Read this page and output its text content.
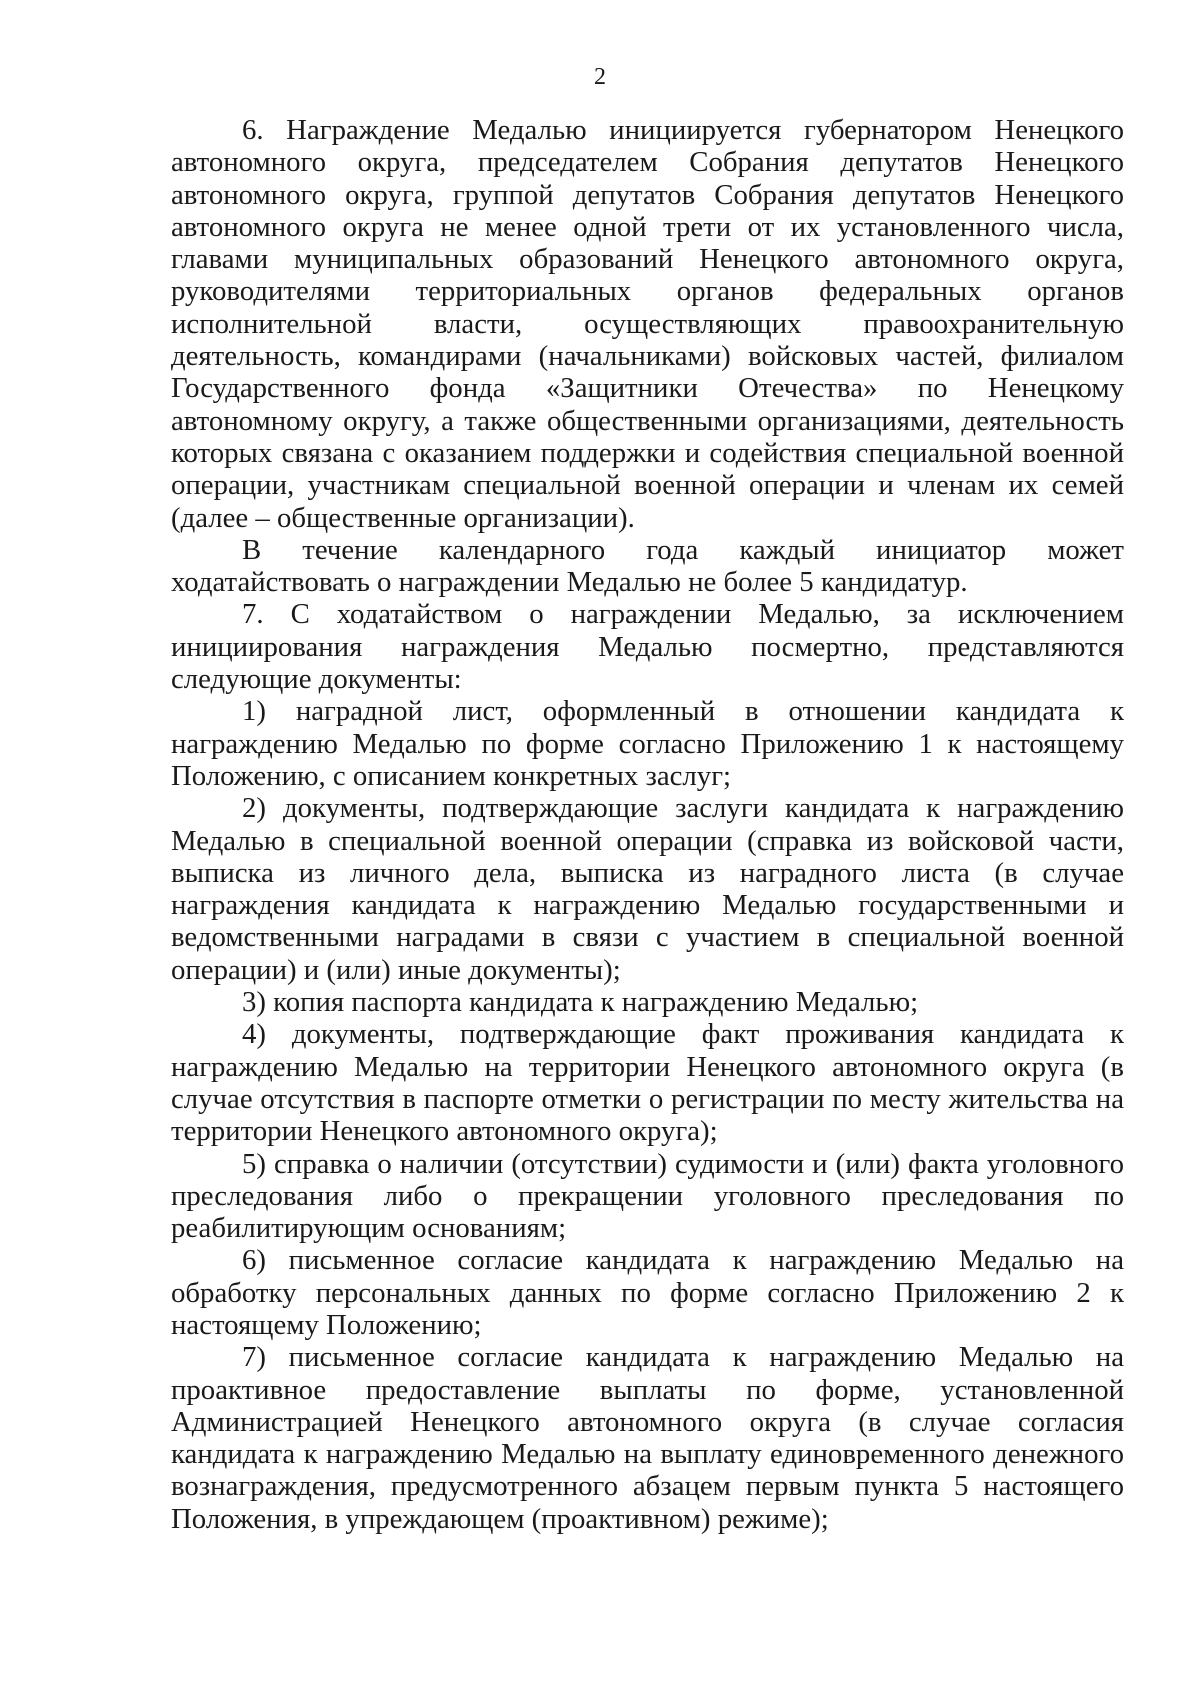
2

6. Награждение Медалью инициируется губернатором Ненецкого автономного округа, председателем Собрания депутатов Ненецкого автономного округа, группой депутатов Собрания депутатов Ненецкого автономного округа не менее одной трети от их установленного числа, главами муниципальных образований Ненецкого автономного округа, руководителями территориальных органов федеральных органов исполнительной власти, осуществляющих правоохранительную деятельность, командирами (начальниками) войсковых частей, филиалом Государственного фонда «Защитники Отечества» по Ненецкому автономному округу, а также общественными организациями, деятельность которых связана с оказанием поддержки и содействия специальной военной операции, участникам специальной военной операции и членам их семей (далее – общественные организации).

В течение календарного года каждый инициатор может ходатайствовать о награждении Медалью не более 5 кандидатур.

7. С ходатайством о награждении Медалью, за исключением инициирования награждения Медалью посмертно, представляются следующие документы:

1) наградной лист, оформленный в отношении кандидата к награждению Медалью по форме согласно Приложению 1 к настоящему Положению, с описанием конкретных заслуг;

2) документы, подтверждающие заслуги кандидата к награждению Медалью в специальной военной операции (справка из войсковой части, выписка из личного дела, выписка из наградного листа (в случае награждения кандидата к награждению Медалью государственными и ведомственными наградами в связи с участием в специальной военной операции) и (или) иные документы);

3) копия паспорта кандидата к награждению Медалью;

4) документы, подтверждающие факт проживания кандидата к награждению Медалью на территории Ненецкого автономного округа (в случае отсутствия в паспорте отметки о регистрации по месту жительства на территории Ненецкого автономного округа);

5) справка о наличии (отсутствии) судимости и (или) факта уголовного преследования либо о прекращении уголовного преследования по реабилитирующим основаниям;

6) письменное согласие кандидата к награждению Медалью на обработку персональных данных по форме согласно Приложению 2 к настоящему Положению;

7) письменное согласие кандидата к награждению Медалью на проактивное предоставление выплаты по форме, установленной Администрацией Ненецкого автономного округа (в случае согласия кандидата к награждению Медалью на выплату единовременного денежного вознаграждения, предусмотренного абзацем первым пункта 5 настоящего Положения, в упреждающем (проактивном) режиме);
